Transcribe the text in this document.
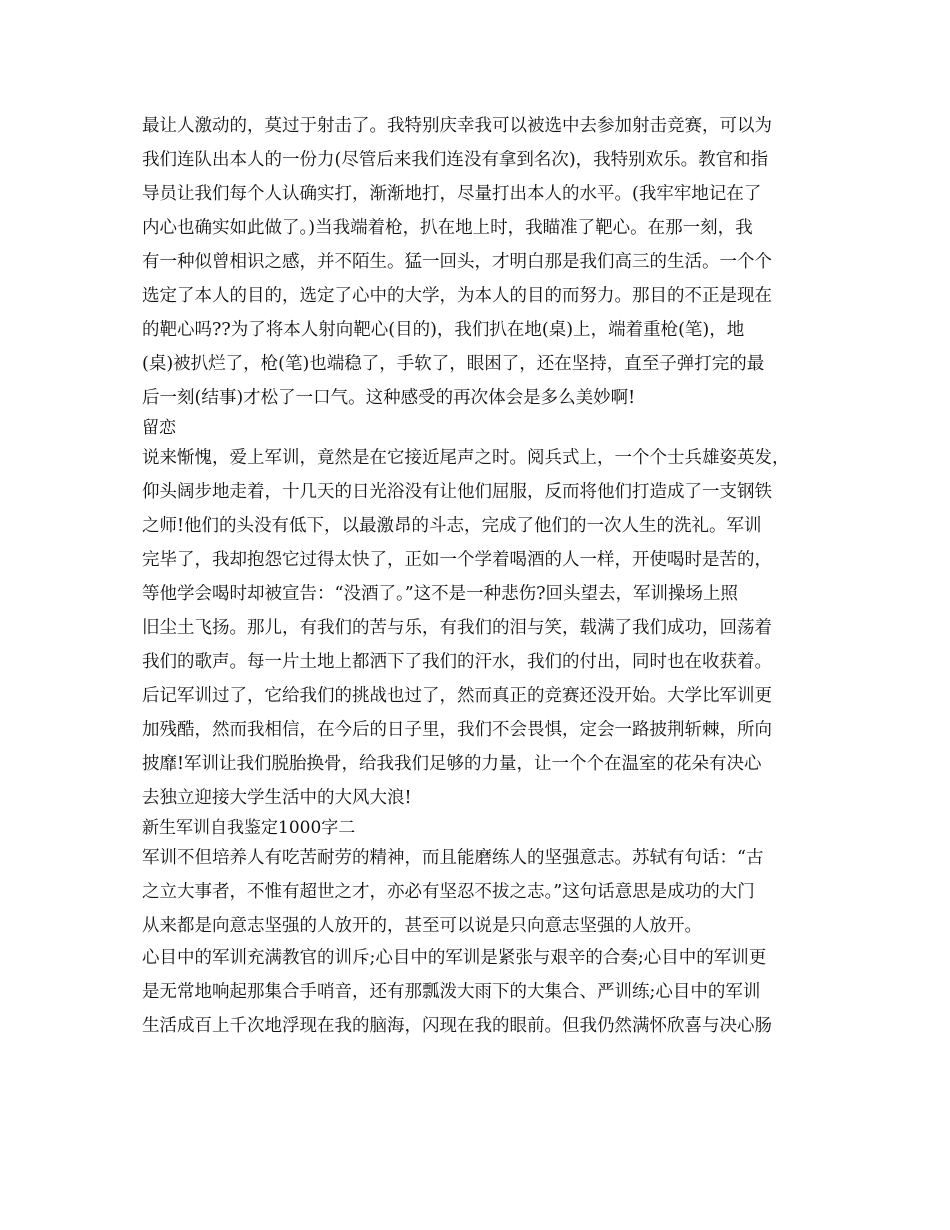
最让人激动的，莫过于射击了。我特别庆幸我可以被选中去参加射击竞赛，可以为
我们连队出本人的一份力(尽管后来我们连没有拿到名次)，我特别欢乐。教官和指
导员让我们每个人认确实打，渐渐地打，尽量打出本人的水平。(我牢牢地记在了
内心也确实如此做了。)当我端着枪，扒在地上时，我瞄准了靶心。在那一刻，我
有一种似曾相识之感，并不陌生。猛一回头，才明白那是我们高三的生活。一个个
选定了本人的目的，选定了心中的大学，为本人的目的而努力。那目的不正是现在
的靶心吗??为了将本人射向靶心(目的)，我们扒在地(桌)上，端着重枪(笔)，地
(桌)被扒烂了，枪(笔)也端稳了，手软了，眼困了，还在坚持，直至子弹打完的最
后一刻(结事)才松了一口气。这种感受的再次体会是多么美妙啊!
留恋
说来惭愧，爱上军训，竟然是在它接近尾声之时。阅兵式上，一个个士兵雄姿英发，
仰头阔步地走着，十几天的日光浴没有让他们屈服，反而将他们打造成了一支钢铁
之师!他们的头没有低下，以最激昂的斗志，完成了他们的一次人生的洗礼。军训
完毕了，我却抱怨它过得太快了，正如一个学着喝酒的人一样，开使喝时是苦的，
等他学会喝时却被宣告：“没酒了。”这不是一种悲伤?回头望去，军训操场上照
旧尘土飞扬。那儿，有我们的苦与乐，有我们的泪与笑，载满了我们成功，回荡着
我们的歌声。每一片土地上都洒下了我们的汗水，我们的付出，同时也在收获着。
后记军训过了，它给我们的挑战也过了，然而真正的竞赛还没开始。大学比军训更
加残酷，然而我相信，在今后的日子里，我们不会畏惧，定会一路披荆斩棘，所向
披靡!军训让我们脱胎换骨，给我我们足够的力量，让一个个在温室的花朵有决心
去独立迎接大学生活中的大风大浪!
新生军训自我鉴定1000字二
军训不但培养人有吃苦耐劳的精神，而且能磨练人的坚强意志。苏轼有句话：“古
之立大事者，不惟有超世之才，亦必有坚忍不拔之志。”这句话意思是成功的大门
从来都是向意志坚强的人放开的，甚至可以说是只向意志坚强的人放开。
心目中的军训充满教官的训斥;心目中的军训是紧张与艰辛的合奏;心目中的军训更
是无常地响起那集合手哨音，还有那瓢泼大雨下的大集合、严训练;心目中的军训
生活成百上千次地浮现在我的脑海，闪现在我的眼前。但我仍然满怀欣喜与决心肠
